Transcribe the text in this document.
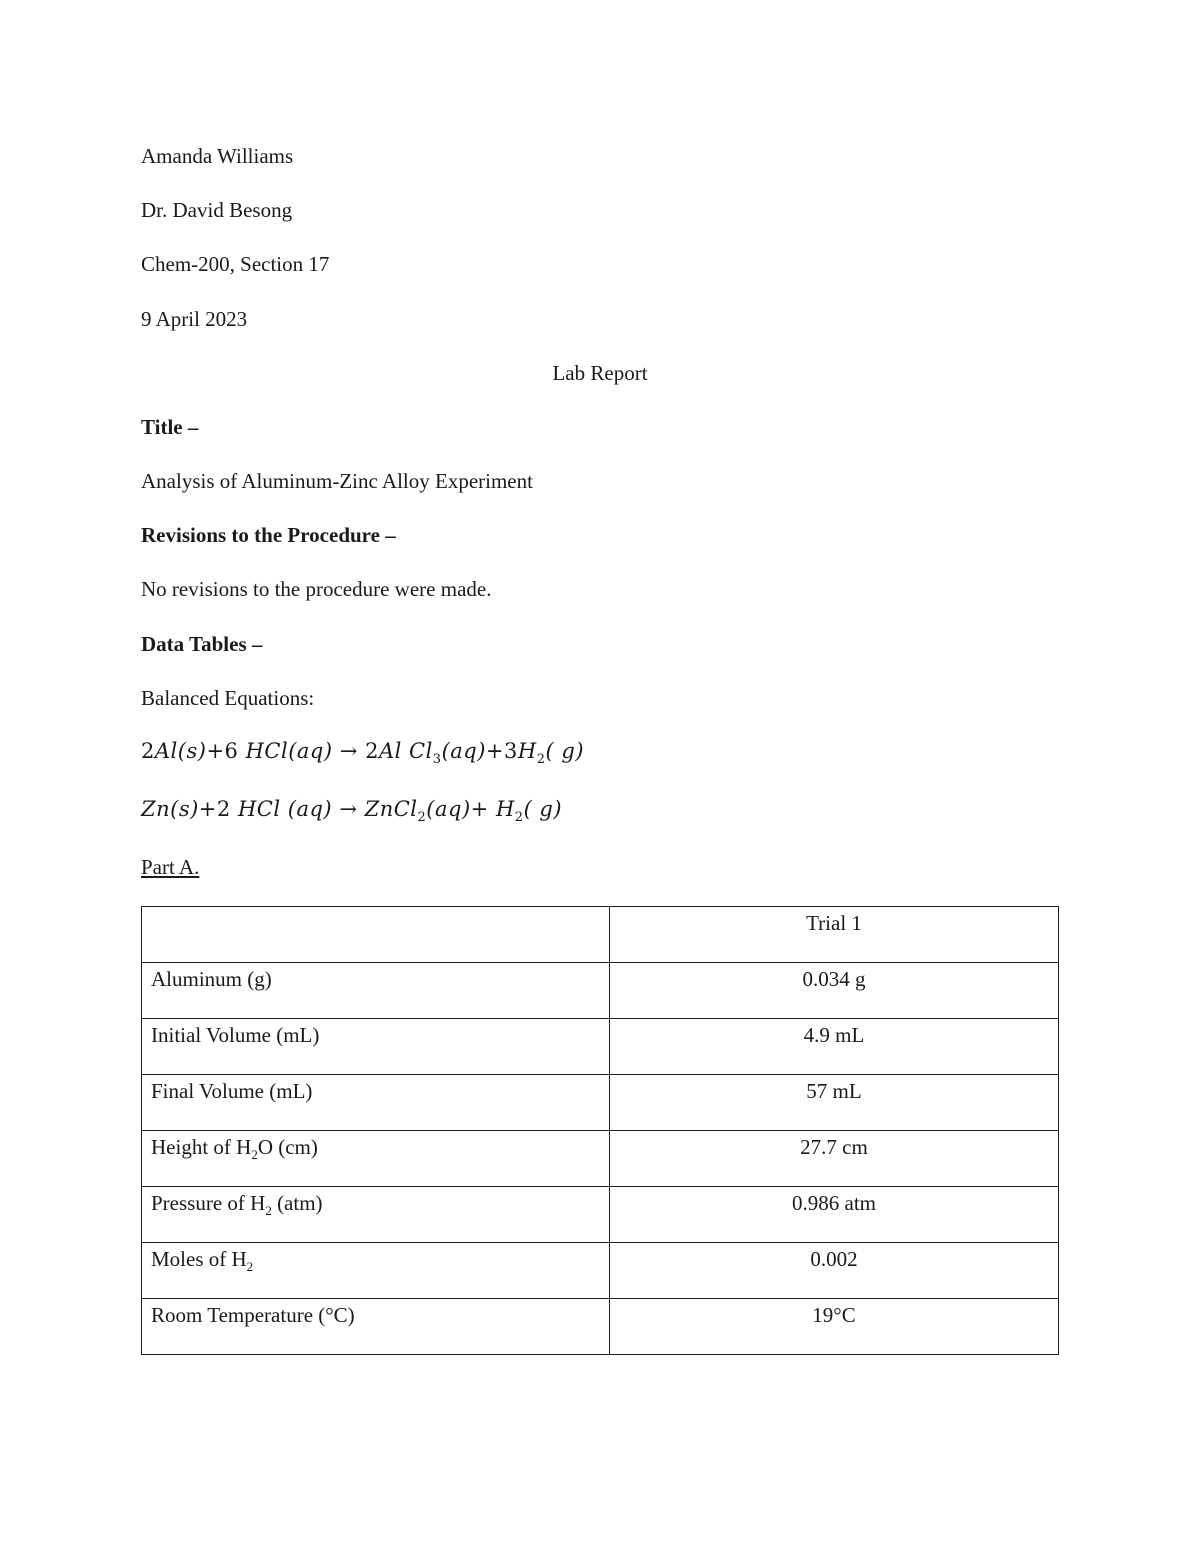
Amanda Williams
Dr. David Besong
Chem-200, Section 17
9 April 2023
Lab Report
Title –
Analysis of Aluminum-Zinc Alloy Experiment
Revisions to the Procedure –
No revisions to the procedure were made.
Data Tables –
Balanced Equations:
2Al(s)+6 HCl(aq) → 2Al $Cl_3(aq)+3H_2$( g)
Zn(s)+2 HCl (aq) → ZnCl$_2$(aq)+ $H_2$( g)
Part A.
	Trial 1
Aluminum (g)	0.034 g
Initial Volume (mL)	4.9 mL
Final Volume (mL)	57 mL
Height of $H_2O$ (cm)	27.7 cm
Pressure of $H_2$ (atm)	0.986 atm
Moles of $H_2$	0.002
Room Temperature (°C)	19°C
